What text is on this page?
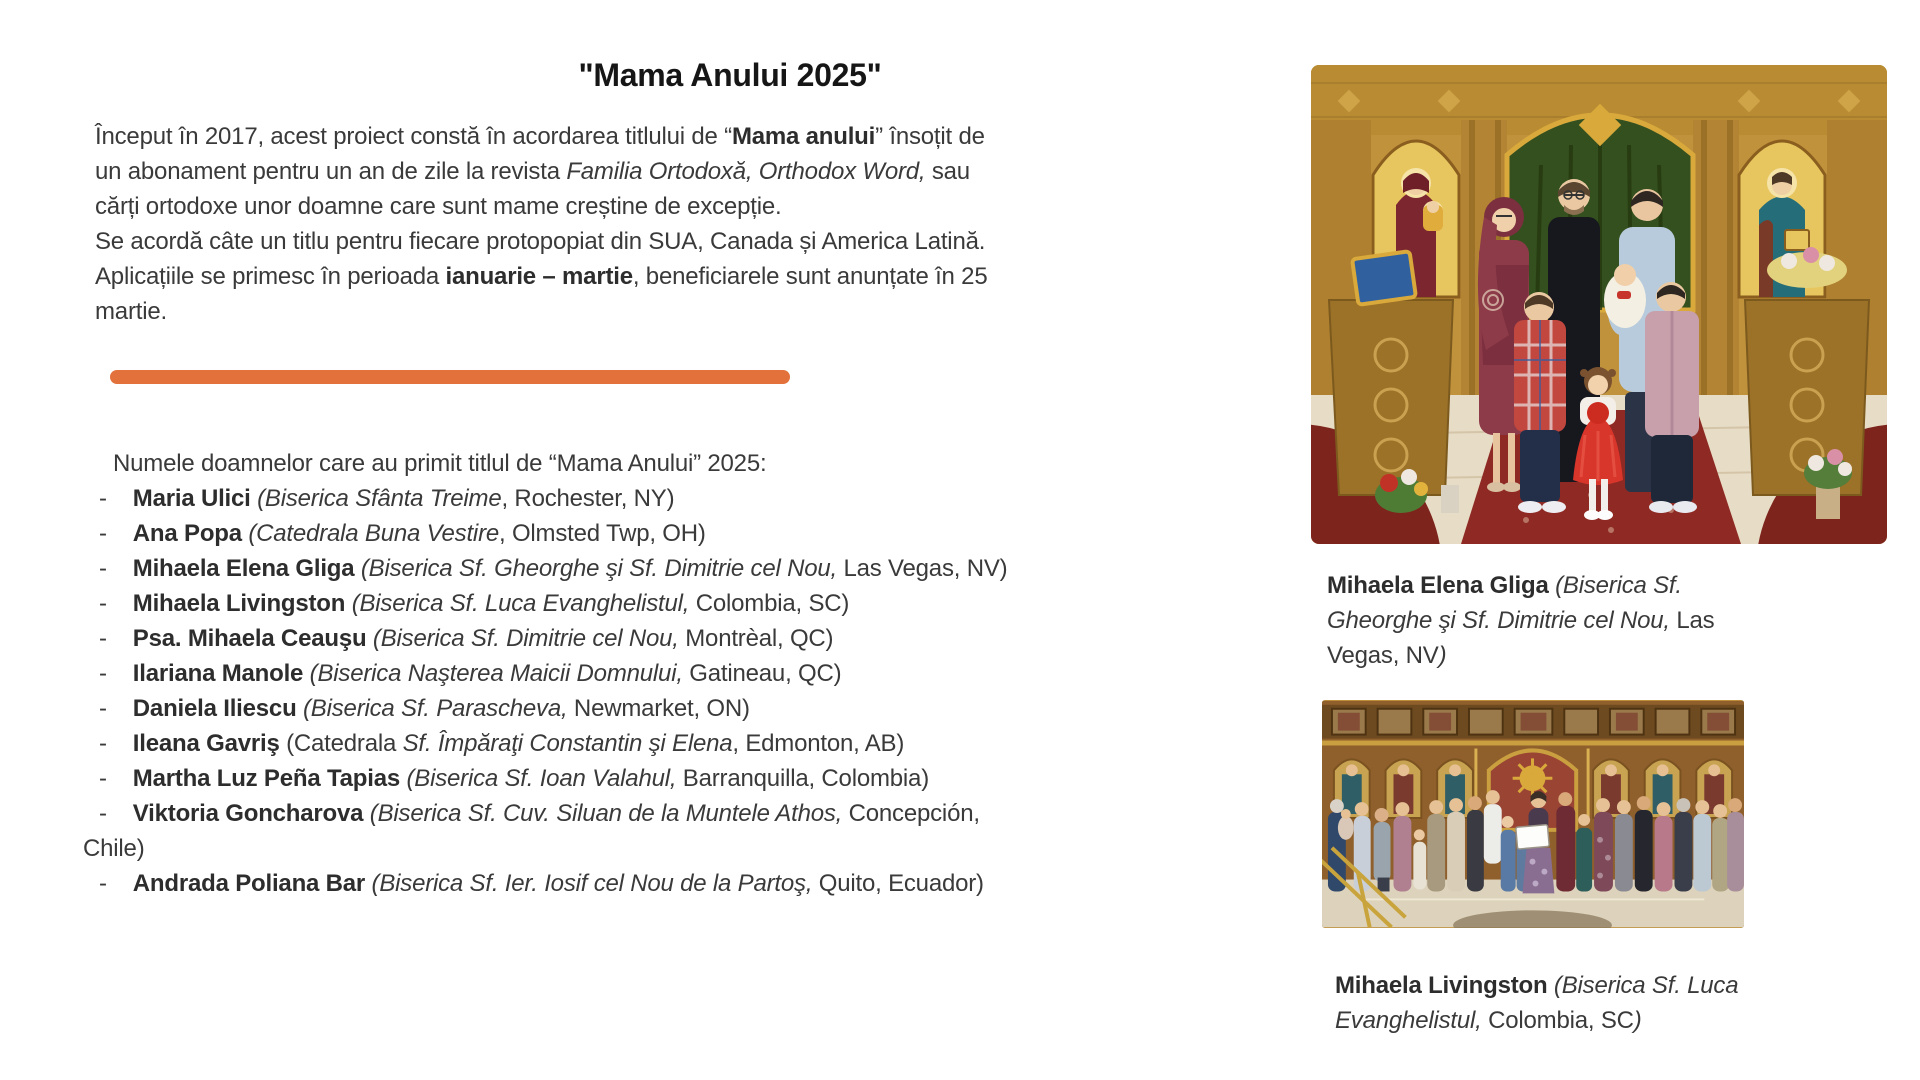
"Mama Anului 2025"
Început în 2017, acest proiect constă în acordarea titlului de “Mama anului” însoțit de
un abonament pentru un an de zile la revista Familia Ortodoxă, Orthodox Word, sau
cărți ortodoxe unor doamne care sunt mame creștine de excepție.
Se acordă câte un titlu pentru fiecare protopopiat din SUA, Canada și America Latină.
Aplicațiile se primesc în perioada ianuarie – martie, beneficiarele sunt anunțate în 25
martie.
Numele doamnelor care au primit titlul de “Mama Anului” 2025:
- Maria Ulici (Biserica Sfânta Treime, Rochester, NY)
- Ana Popa (Catedrala Buna Vestire, Olmsted Twp, OH)
- Mihaela Elena Gliga (Biserica Sf. Gheorghe şi Sf. Dimitrie cel Nou, Las Vegas, NV)
- Mihaela Livingston (Biserica Sf. Luca Evanghelistul, Colombia, SC)
- Psa. Mihaela Ceauşu (Biserica Sf. Dimitrie cel Nou, Montrèal, QC)
- Ilariana Manole (Biserica Naşterea Maicii Domnului, Gatineau, QC)
- Daniela Iliescu (Biserica Sf. Parascheva, Newmarket, ON)
- Ileana Gavriş (Catedrala Sf. Împăraţi Constantin şi Elena, Edmonton, AB)
- Martha Luz Peña Tapias (Biserica Sf. Ioan Valahul, Barranquilla, Colombia)
- Viktoria Goncharova (Biserica Sf. Cuv. Siluan de la Muntele Athos, Concepción,
Chile)
- Andrada Poliana Bar (Biserica Sf. Ier. Iosif cel Nou de la Partoş, Quito, Ecuador)
Mihaela Elena Gliga (Biserica Sf.
Gheorghe şi Sf. Dimitrie cel Nou, Las
Vegas, NV)
Mihaela Livingston (Biserica Sf. Luca
Evanghelistul, Colombia, SC)
